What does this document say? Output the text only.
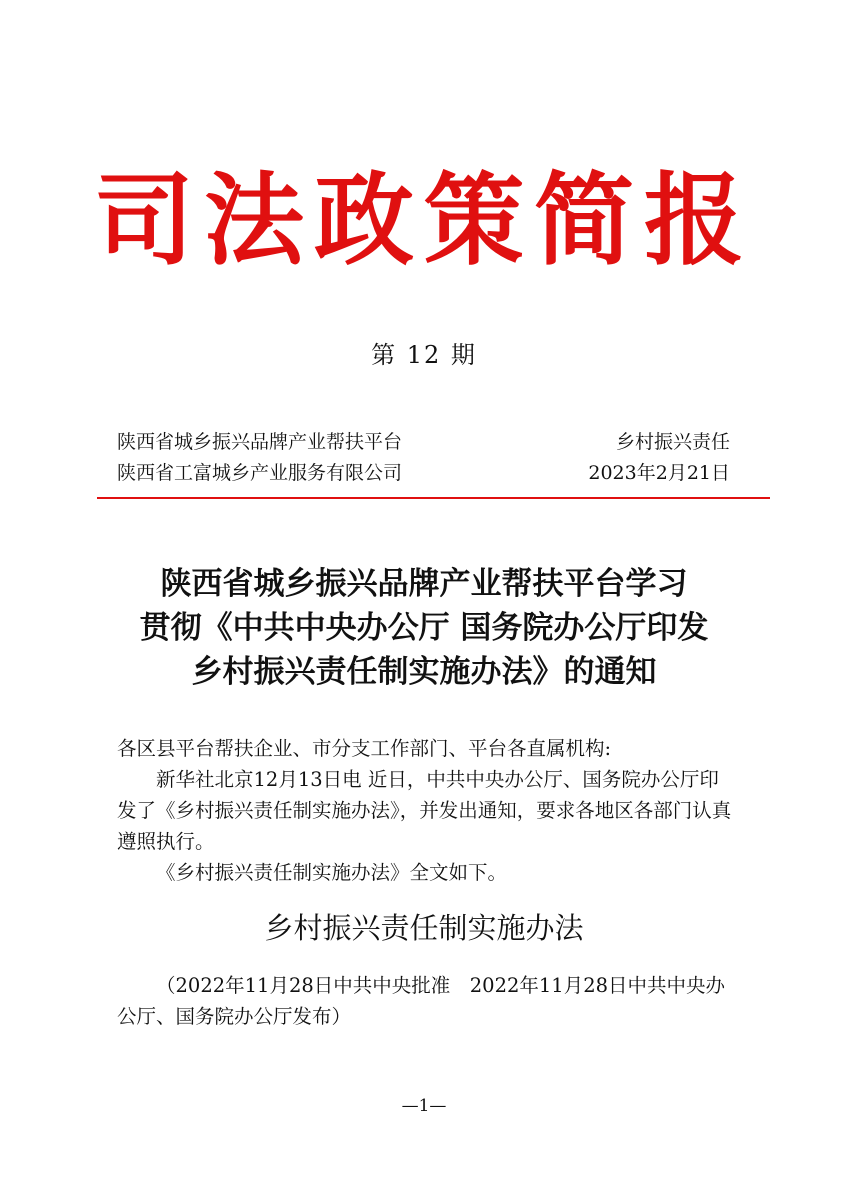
司法政策简报
第 12 期
陕西省城乡振兴品牌产业帮扶平台
陕西省工富城乡产业服务有限公司
乡村振兴责任
2023年2月21日
陕西省城乡振兴品牌产业帮扶平台学习
贯彻《中共中央办公厅 国务院办公厅印发
乡村振兴责任制实施办法》的通知

各区县平台帮扶企业、市分支工作部门、平台各直属机构:

新华社北京12月13日电 近日，中共中央办公厅、国务院办公厅印发了《乡村振兴责任制实施办法》，并发出通知，要求各地区各部门认真遵照执行。

《乡村振兴责任制实施办法》全文如下。

乡村振兴责任制实施办法

（2022年11月28日中共中央批准　2022年11月28日中共中央办公厅、国务院办公厅发布）

—1—
